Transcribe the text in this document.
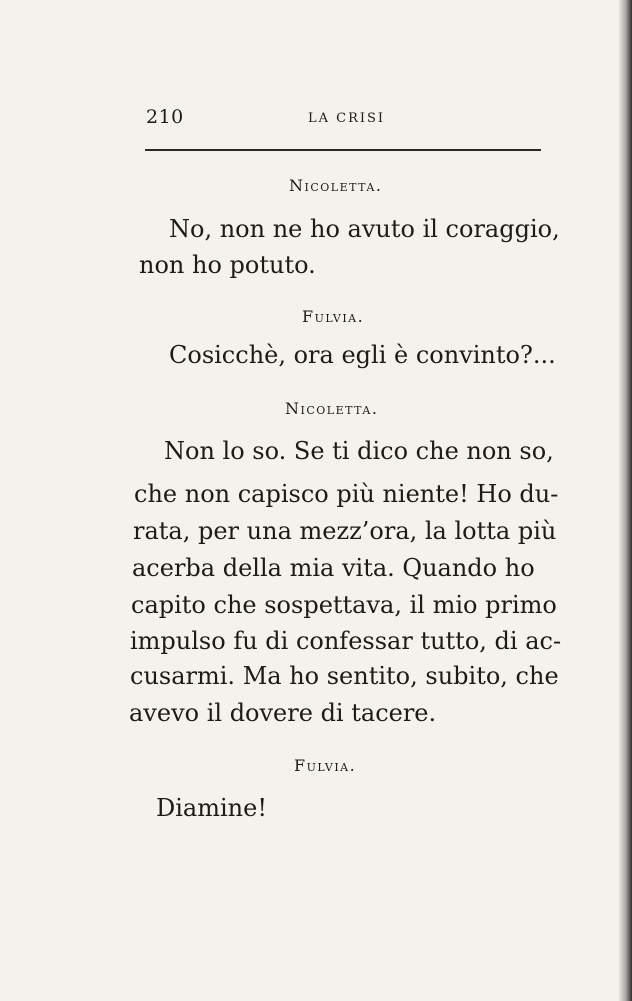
210	LA CRISI
Nicoletta.
No, non ne ho avuto il coraggio,
non ho potuto.
Fulvia.
Cosicchè, ora egli è convinto?...
Nicoletta.
Non lo so. Se ti dico che non so,
che non capisco più niente! Ho du-
rata, per una mezz’ora, la lotta più
acerba della mia vita. Quando ho
capito che sospettava, il mio primo
impulso fu di confessar tutto, di ac-
cusarmi. Ma ho sentito, subito, che
avevo il dovere di tacere.
Fulvia.
Diamine!
